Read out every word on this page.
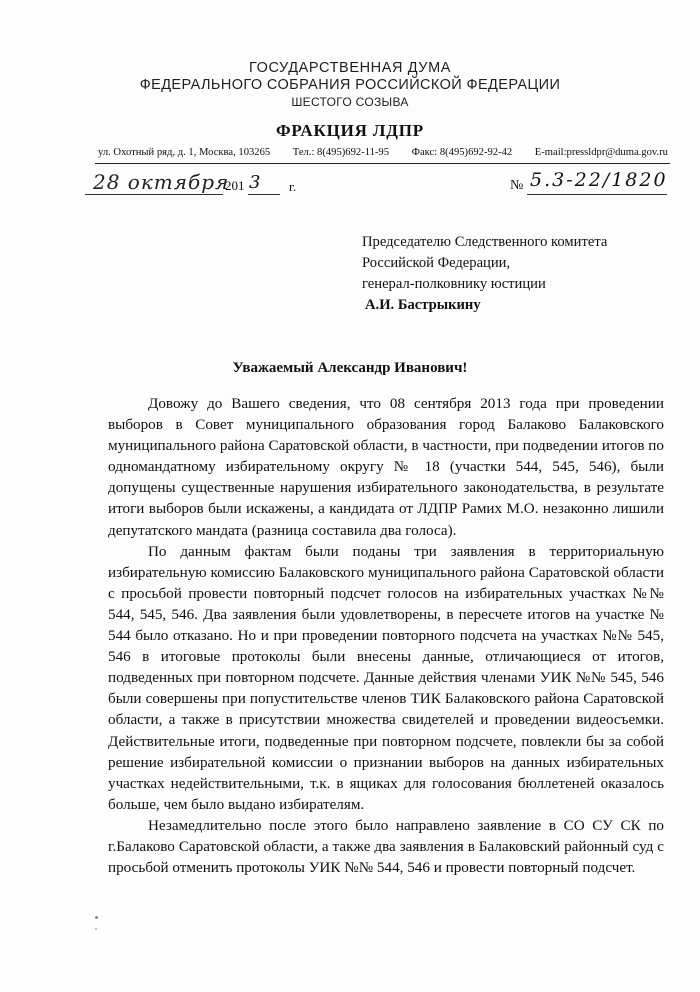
ГОСУДАРСТВЕННАЯ ДУМА
ФЕДЕРАЛЬНОГО СОБРАНИЯ РОССИЙСКОЙ ФЕДЕРАЦИИ
ШЕСТОГО СОЗЫВА
ФРАКЦИЯ ЛДПР
ул. Охотный ряд, д. 1, Москва, 103265 Тел.: 8(495)692-11-95 Факс: 8(495)692-92-42 E-mail:pressldpr@duma.gov.ru
28 октября
201 3 г.	№ 5.3-22/1820
Председателю Следственного комитета
Российской Федерации,
генерал-полковнику юстиции
А.И. Бастрыкину
Уважаемый Александр Иванович!

Довожу до Вашего сведения, что 08 сентября 2013 года при проведении выборов в Совет муниципального образования город Балаково Балаковского муниципального района Саратовской области, в частности, при подведении итогов по одномандатному избирательному округу № 18 (участки 544, 545, 546), были допущены существенные нарушения избирательного законодательства, в результате итоги выборов были искажены, а кандидата от ЛДПР Рамих М.О. незаконно лишили депутатского мандата (разница составила два голоса).

По данным фактам были поданы три заявления в территориальную избирательную комиссию Балаковского муниципального района Саратовской области с просьбой провести повторный подсчет голосов на избирательных участках №№ 544, 545, 546. Два заявления были удовлетворены, в пересчете итогов на участке № 544 было отказано. Но и при проведении повторного подсчета на участках №№ 545, 546 в итоговые протоколы были внесены данные, отличающиеся от итогов, подведенных при повторном подсчете. Данные действия членами УИК №№ 545, 546 были совершены при попустительстве членов ТИК Балаковского района Саратовской области, а также в присутствии множества свидетелей и проведении видеосъемки. Действительные итоги, подведенные при повторном подсчете, повлекли бы за собой решение избирательной комиссии о признании выборов на данных избирательных участках недействительными, т.к. в ящиках для голосования бюллетеней оказалось больше, чем было выдано избирателям.

Незамедлительно после этого было направлено заявление в СО СУ СК по г.Балаково Саратовской области, а также два заявления в Балаковский районный суд с просьбой отменить протоколы УИК №№ 544, 546 и провести повторный подсчет.
